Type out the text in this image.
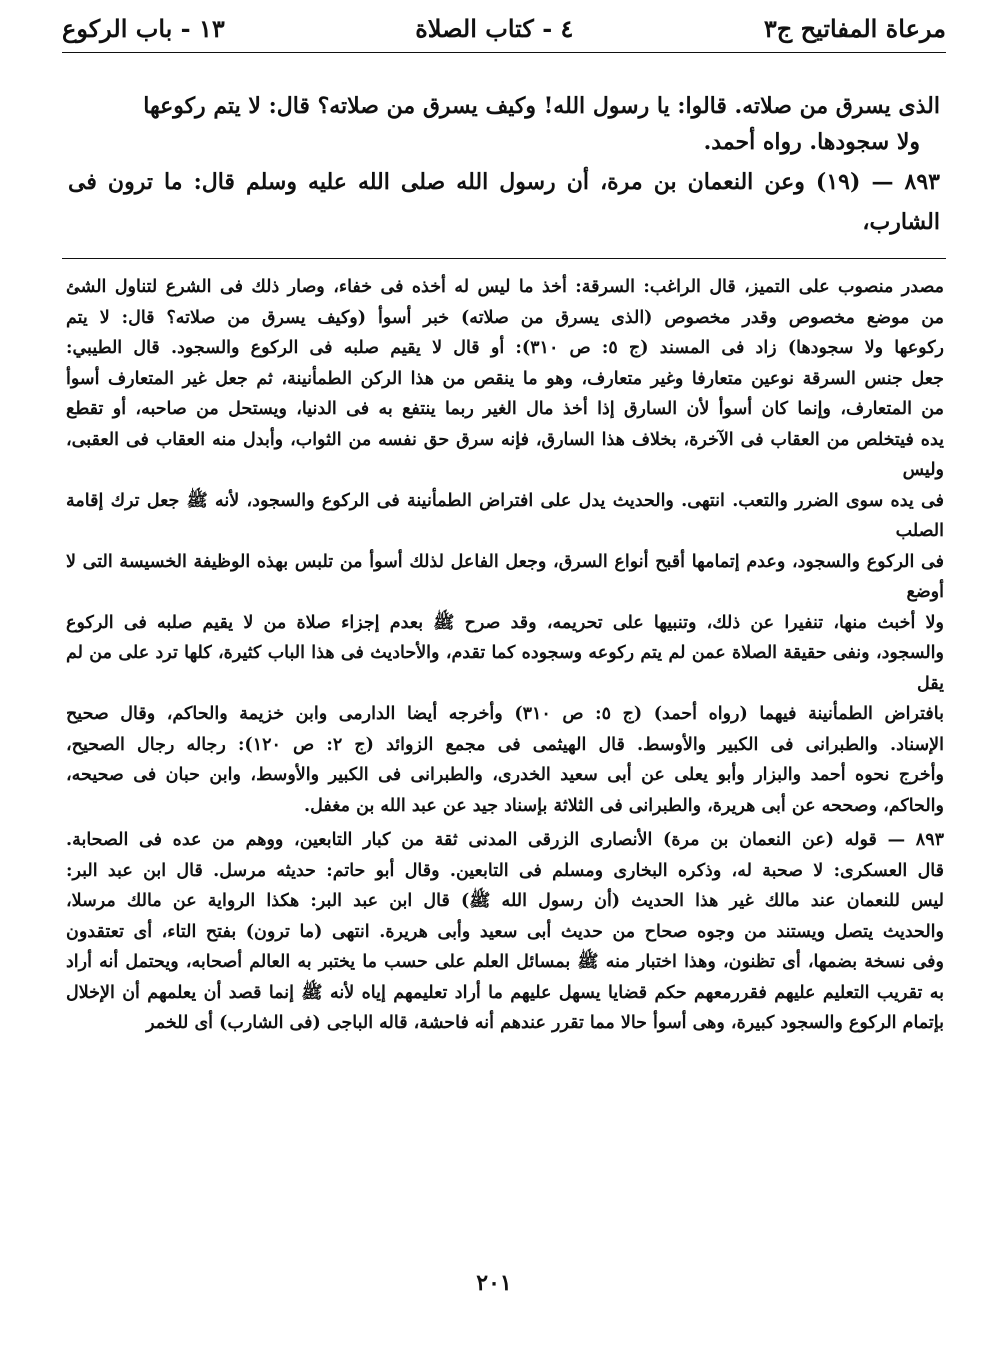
مرعاة المفاتيح ج٣
٤ - كتاب الصلاة
١٣ - باب الركوع

الذى يسرق من صلاته. قالوا: يا رسول الله! وكيف يسرق من صلاته؟ قال: لا يتم ركوعها

ولا سجودها. رواه أحمد.

٨٩٣ — (١٩) وعن النعمان بن مرة، أن رسول الله صلى الله عليه وسلم قال: ما ترون فى الشارب،

مصدر منصوب على التميز، قال الراغب: السرقة: أخذ ما ليس له أخذه فى خفاء، وصار ذلك فى الشرع لتناول الشئ

من موضع مخصوص وقدر مخصوص (الذى يسرق من صلاته) خبر أسوأ (وكيف يسرق من صلاته؟ قال: لا يتم

ركوعها ولا سجودها) زاد فى المسند (ج ٥: ص ٣١٠): أو قال لا يقيم صلبه فى الركوع والسجود. قال الطيبي:

جعل جنس السرقة نوعين متعارفا وغير متعارف، وهو ما ينقص من هذا الركن الطمأنينة، ثم جعل غير المتعارف أسوأ

من المتعارف، وإنما كان أسوأ لأن السارق إذا أخذ مال الغير ربما ينتفع به فى الدنيا، ويستحل من صاحبه، أو تقطع

يده فيتخلص من العقاب فى الآخرة، بخلاف هذا السارق، فإنه سرق حق نفسه من الثواب، وأبدل منه العقاب فى العقبى، وليس

فى يده سوى الضرر والتعب. انتهى. والحديث يدل على افتراض الطمأنينة فى الركوع والسجود، لأنه ﷺ جعل ترك إقامة الصلب

فى الركوع والسجود، وعدم إتمامها أقبح أنواع السرق، وجعل الفاعل لذلك أسوأ من تلبس بهذه الوظيفة الخسيسة التى لا أوضع

ولا أخبث منها، تنفيرا عن ذلك، وتنبيها على تحريمه، وقد صرح ﷺ بعدم إجزاء صلاة من لا يقيم صلبه فى الركوع

والسجود، ونفى حقيقة الصلاة عمن لم يتم ركوعه وسجوده كما تقدم، والأحاديث فى هذا الباب كثيرة، كلها ترد على من لم يقل

بافتراض الطمأنينة فيهما (رواه أحمد) (ج ٥: ص ٣١٠) وأخرجه أيضا الدارمى وابن خزيمة والحاكم، وقال صحيح

الإسناد. والطبرانى فى الكبير والأوسط. قال الهيثمى فى مجمع الزوائد (ج ٢: ص ١٢٠): رجاله رجال الصحيح،

وأخرج نحوه أحمد والبزار وأبو يعلى عن أبى سعيد الخدرى، والطبرانى فى الكبير والأوسط، وابن حبان فى صحيحه،

والحاكم، وصححه عن أبى هريرة، والطبرانى فى الثلاثة بإسناد جيد عن عبد الله بن مغفل.

٨٩٣ — قوله (عن النعمان بن مرة) الأنصارى الزرقى المدنى ثقة من كبار التابعين، ووهم من عده فى الصحابة.

قال العسكرى: لا صحبة له، وذكره البخارى ومسلم فى التابعين. وقال أبو حاتم: حديثه مرسل. قال ابن عبد البر:

ليس للنعمان عند مالك غير هذا الحديث (أن رسول الله ﷺ) قال ابن عبد البر: هكذا الرواية عن مالك مرسلا،

والحديث يتصل ويستند من وجوه صحاح من حديث أبى سعيد وأبى هريرة. انتهى (ما ترون) بفتح التاء، أى تعتقدون

وفى نسخة بضمها، أى تظنون، وهذا اختبار منه ﷺ بمسائل العلم على حسب ما يختبر به العالم أصحابه، ويحتمل أنه أراد

به تقريب التعليم عليهم فقررمعهم حكم قضايا يسهل عليهم ما أراد تعليمهم إياه لأنه ﷺ إنما قصد أن يعلمهم أن الإخلال

بإتمام الركوع والسجود كبيرة، وهى أسوأ حالا مما تقرر عندهم أنه فاحشة، قاله الباجى (فى الشارب) أى للخمر

٢٠١
